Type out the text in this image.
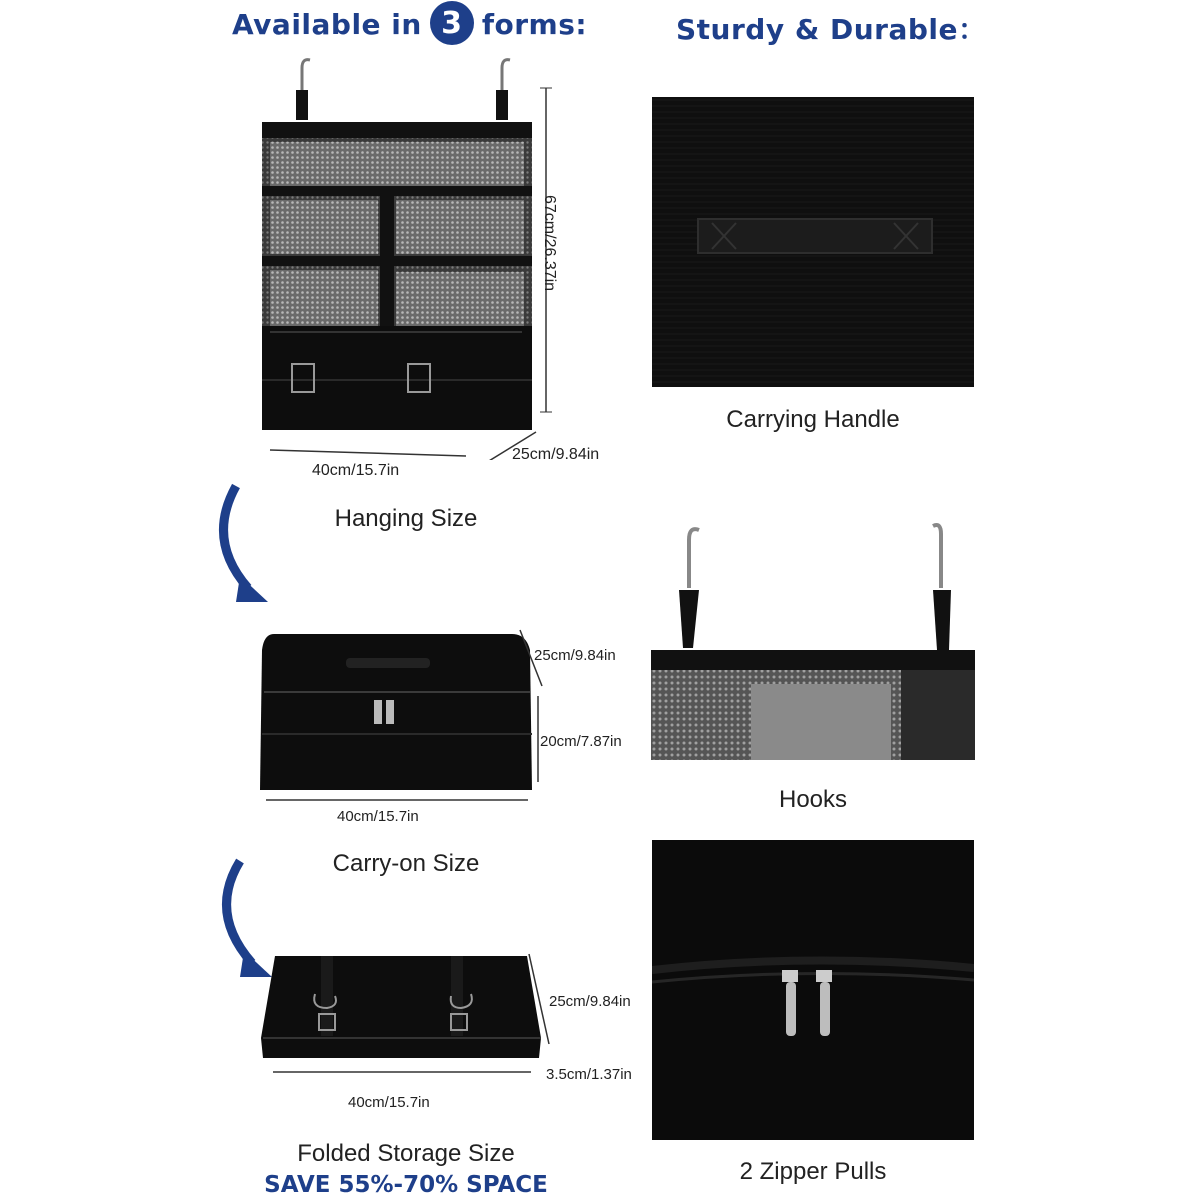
Available in 3 forms:	Sturdy & Durable：
67cm/26.37in
40cm/15.7in
25cm/9.84in
Hanging Size
25cm/9.84in
20cm/7.87in
40cm/15.7in
Carry-on Size
25cm/9.84in
3.5cm/1.37in
40cm/15.7in
Folded Storage Size
SAVE 55%-70% SPACE
Carrying Handle
Hooks
2 Zipper Pulls
